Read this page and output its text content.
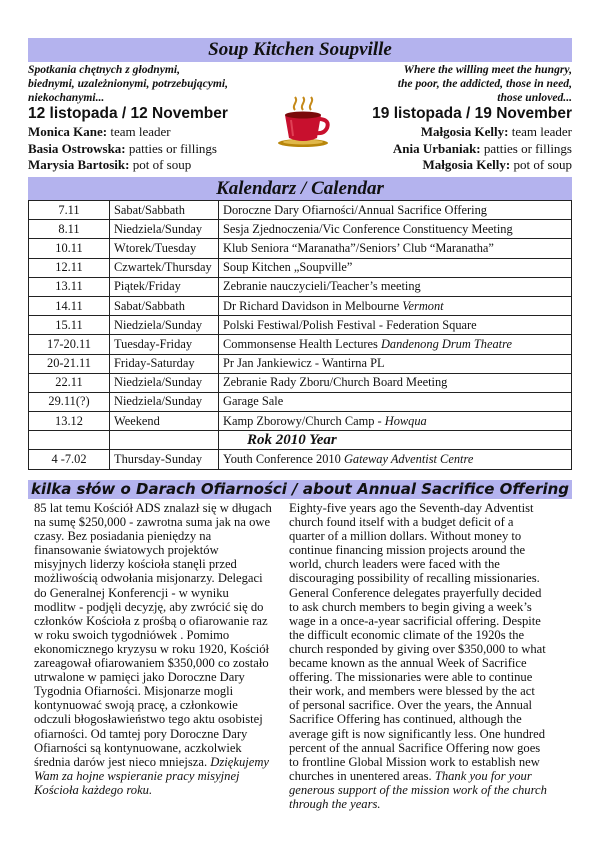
Soup Kitchen Soupville
Spotkania chętnych z głodnymi,
biednymi, uzależnionymi, potrzebującymi,
niekochanymi...
Where the willing meet the hungry,
the poor, the addicted, those in need,
those unloved...
12 listopada / 12 November	19 listopada / 19 November
Monica Kane: team leader
Basia Ostrowska: patties or fillings
Marysia Bartosik: pot of soup
Małgosia Kelly: team leader
Ania Urbaniak: patties or fillings
Małgosia Kelly: pot of soup
Kalendarz / Calendar
7.11	Sabat/Sabbath	Doroczne Dary Ofiarności/Annual Sacrifice Offering
8.11	Niedziela/Sunday	Sesja Zjednoczenia/Vic Conference Constituency Meeting
10.11	Wtorek/Tuesday	Klub Seniora “Maranatha”/Seniors’ Club “Maranatha”
12.11	Czwartek/Thursday	Soup Kitchen „Soupville”
13.11	Piątek/Friday	Zebranie nauczycieli/Teacher’s meeting
14.11	Sabat/Sabbath	Dr Richard Davidson in Melbourne Vermont
15.11	Niedziela/Sunday	Polski Festiwal/Polish Festival - Federation Square
17-20.11	Tuesday-Friday	Commonsense Health Lectures Dandenong Drum Theatre
20-21.11	Friday-Saturday	Pr Jan Jankiewicz - Wantirna PL
22.11	Niedziela/Sunday	Zebranie Rady Zboru/Church Board Meeting
29.11(?)	Niedziela/Sunday	Garage Sale
13.12	Weekend	Kamp Zborowy/Church Camp - Howqua
		Rok 2010 Year
4 -7.02	Thursday-Sunday	Youth Conference 2010 Gateway Adventist Centre
kilka słów o Darach Ofiarności / about Annual Sacrifice Offering
85 lat temu Kościół ADS znalazł się w długach na sumę $250,000 - zawrotna suma jak na owe czasy. Bez posiadania pieniędzy na finansowanie światowych projektów misyjnych liderzy kościoła stanęli przed możliwością odwołania misjonarzy. Delegaci do Generalnej Konferencji - w wyniku modlitw - podjęli decyzję, aby zwrócić się do członków Kościoła z prośbą o ofiarowanie raz w roku swoich tygodniówek . Pomimo ekonomicznego kryzysu w roku 1920, Kościół zareagował ofiarowaniem $350,000 co zostało utrwalone w pamięci jako Doroczne Dary Tygodnia Ofiarności. Misjonarze mogli kontynuować swoją pracę, a członkowie odczuli błogosławieństwo tego aktu osobistej ofiarności. Od tamtej pory Doroczne Dary Ofiarności są kontynuowane, aczkolwiek średnia darów jest nieco mniejsza. Dziękujemy Wam za hojne wspieranie pracy misyjnej Kościoła każdego roku.
Eighty-five years ago the Seventh-day Adventist church found itself with a budget deficit of a quarter of a million dollars. Without money to continue financing mission projects around the world, church leaders were faced with the discouraging possibility of recalling missionaries. General Conference delegates prayerfully decided to ask church members to begin giving a week’s wage in a once-a-year sacrificial offering. Despite the difficult economic climate of the 1920s the church responded by giving over $350,000 to what became known as the annual Week of Sacrifice offering. The missionaries were able to continue their work, and members were blessed by the act of personal sacrifice. Over the years, the Annual Sacrifice Offering has continued, although the average gift is now significantly less. One hundred percent of the annual Sacrifice Offering now goes to frontline Global Mission work to establish new churches in unentered areas. Thank you for your generous support of the mission work of the church through the years.
